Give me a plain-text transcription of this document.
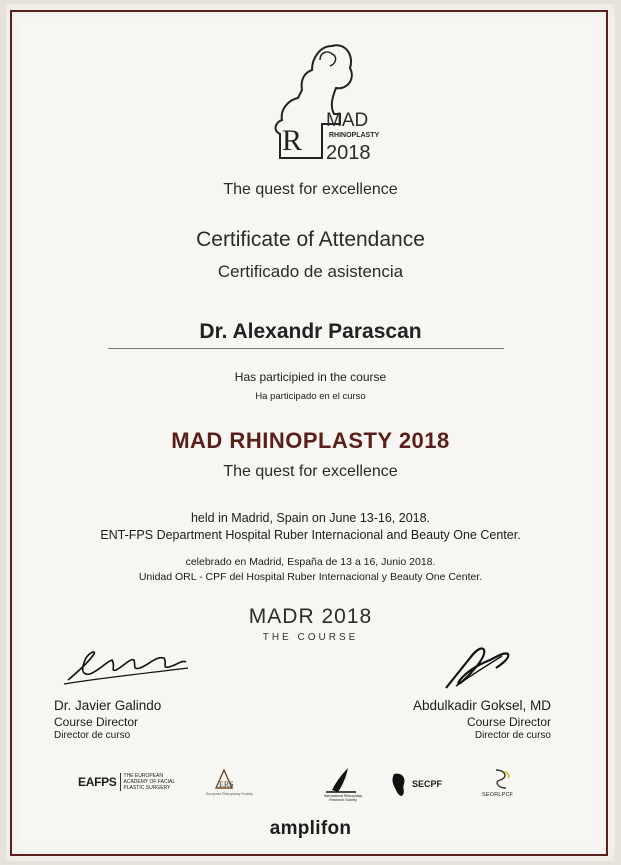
R
MAD
RHINOPLASTY
2018
The quest for excellence
Certificate of Attendance
Certificado de asistencia
Dr. Alexandr Parascan
Has participied in the course
Ha participado en el curso
MAD RHINOPLASTY 2018
The quest for excellence
held in Madrid, Spain on June 13-16, 2018.
ENT-FPS Department Hospital Ruber Internacional and Beauty One Center.
celebrado en Madrid, España de 13 a 16, Junio 2018.
Unidad ORL - CPF del Hospital Ruber Internacional y Beauty One Center.
MADR 2018
THE COURSE
Dr. Javier Galindo
Course Director
Director de curso
Abdulkadir Goksel, MD
Course Director
Director de curso
EAFPS	THE EUROPEAN ACADEMY OF FACIAL PLASTIC SURGERY	ERS
European Rhinoplasty Society	International Rhinoplasty Research Society
SECPF
SEORLPCF
amplifon
